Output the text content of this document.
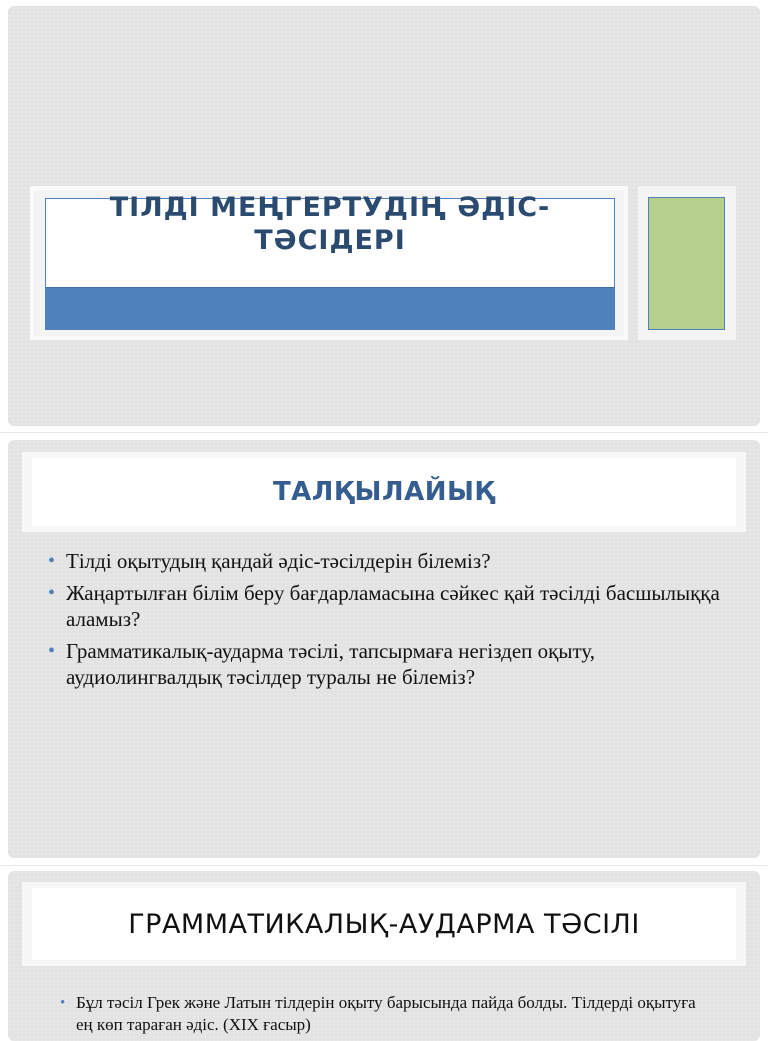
ТІЛДІ МЕҢГЕРТУДІҢ ӘДІС-ТӘСІДЕРІ
ТАЛҚЫЛАЙЫҚ
• Тілді оқытудың қандай әдіс-тәсілдерін білеміз?
• Жаңартылған білім беру бағдарламасына сәйкес қай тәсілді басшылыққа аламыз?
• Грамматикалық-аударма тәсілі, тапсырмаға негіздеп оқыту, аудиолингвалдық тәсілдер туралы не білеміз?
ГРАММАТИКАЛЫҚ-АУДАРМА ТӘСІЛІ
• Бұл тәсіл Грек және Латын тілдерін оқыту барысында пайда болды. Тілдерді оқытуға ең көп тараған әдіс. (XIX ғасыр)
